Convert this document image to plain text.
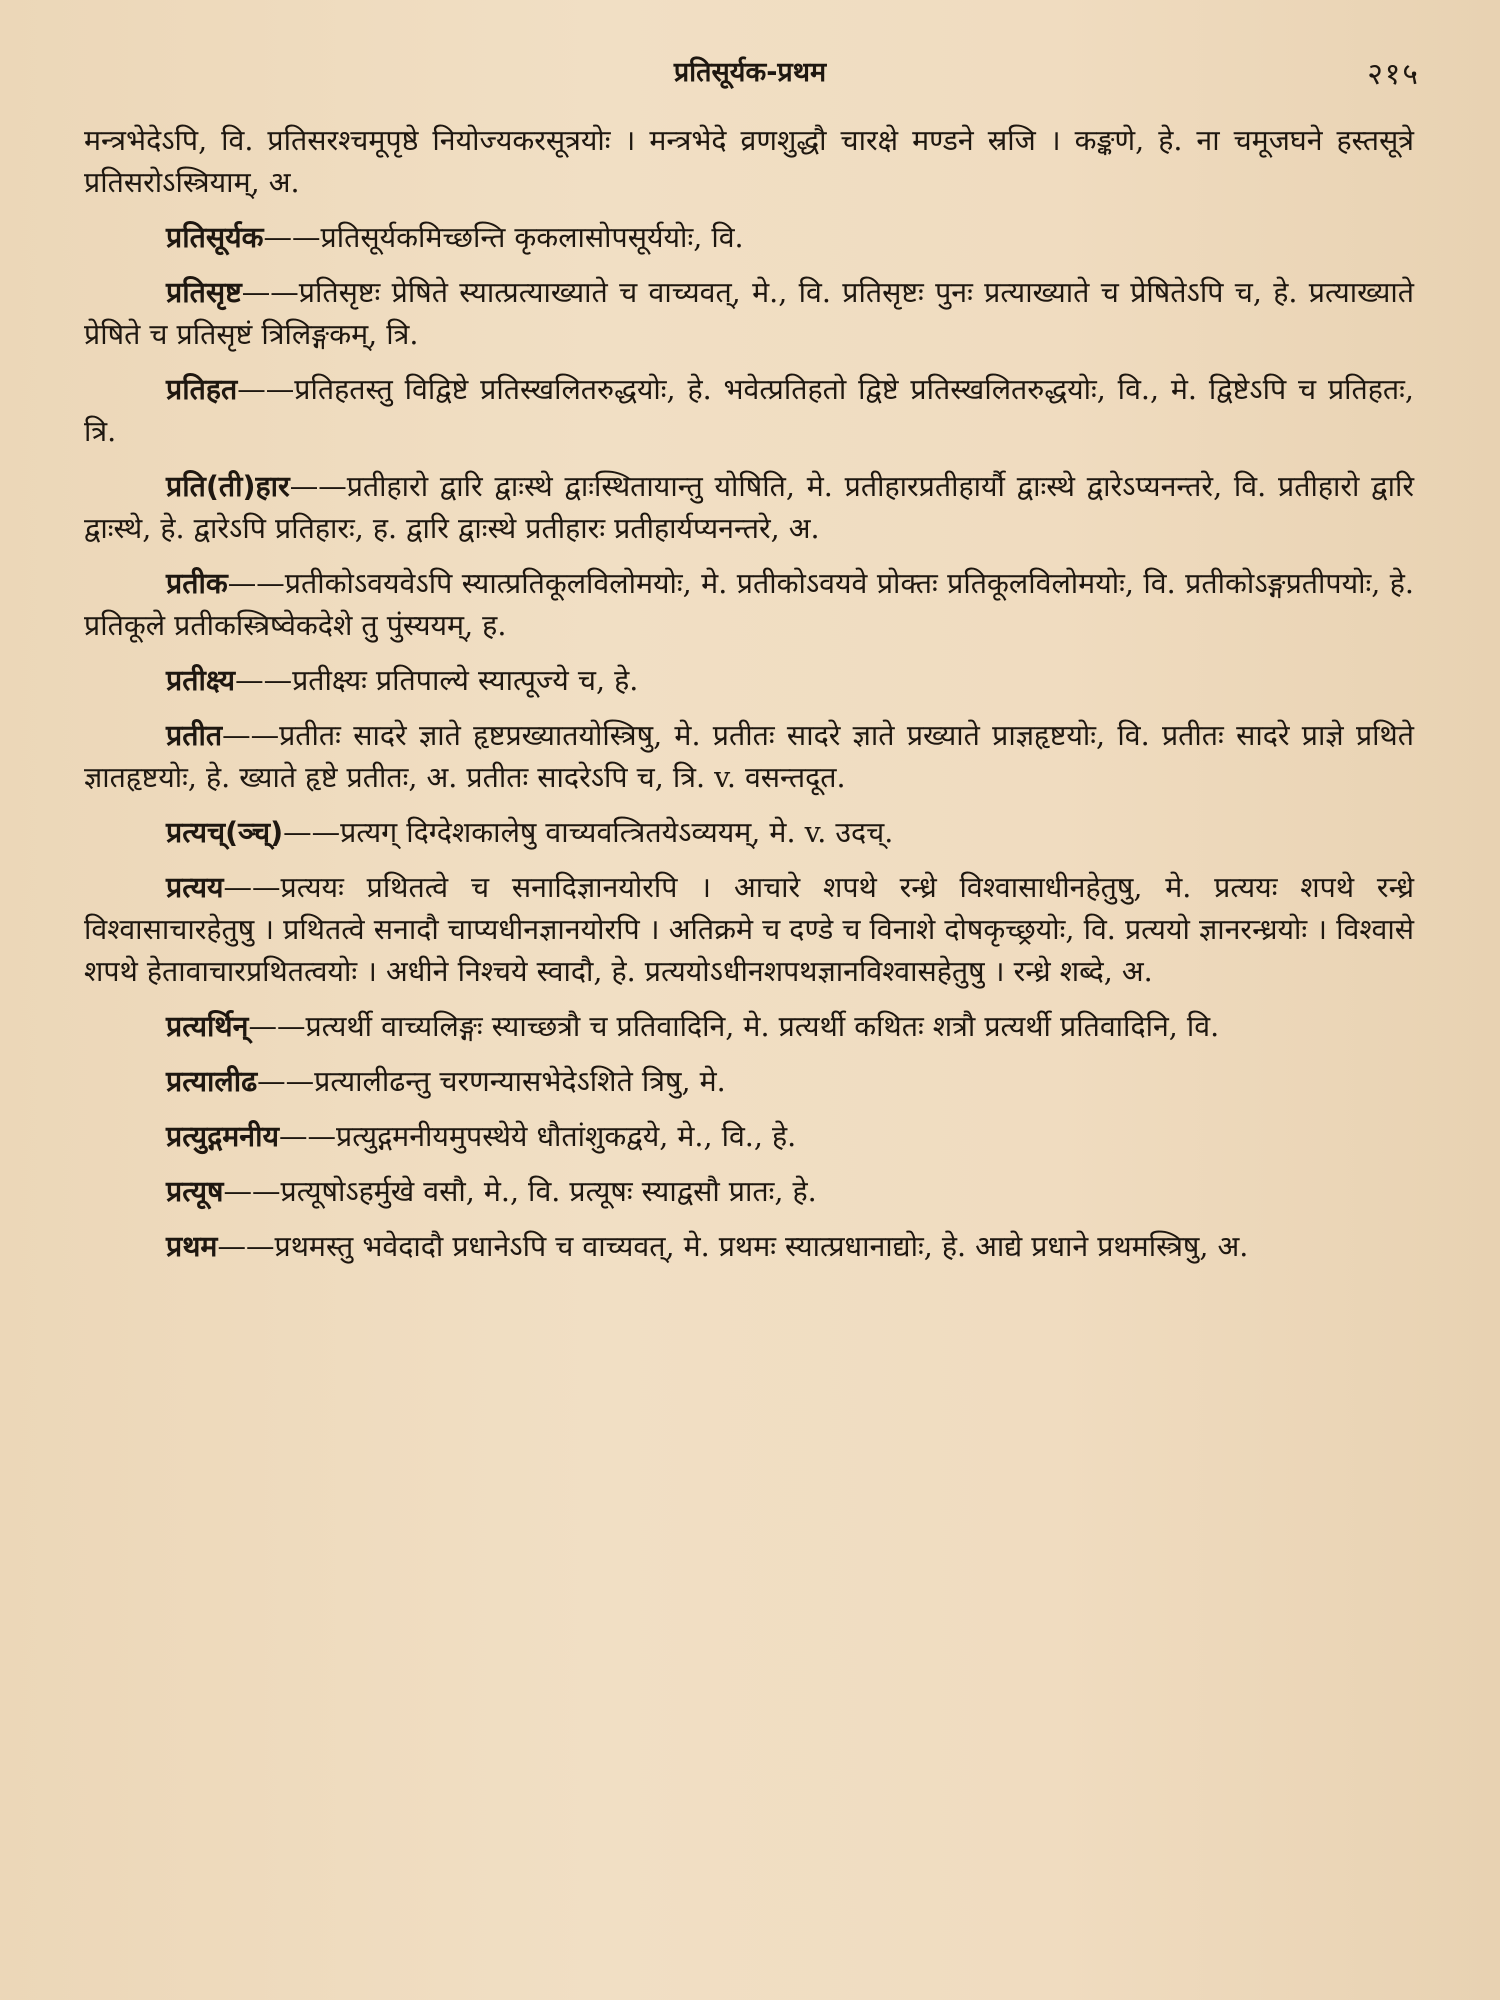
प्रतिसूर्यक-प्रथम	२१५

मन्त्रभेदेऽपि, वि. प्रतिसरश्चमूपृष्ठे नियोज्यकरसूत्रयोः । मन्त्रभेदे व्रणशुद्धौ चारक्षे मण्डने स्रजि । कङ्कणे, हे. ना चमूजघने हस्तसूत्रे प्रतिसरोऽस्त्रियाम्, अ.

प्रतिसूर्यक——प्रतिसूर्यकमिच्छन्ति कृकलासोपसूर्ययोः, वि.

प्रतिसृष्ट——प्रतिसृष्टः प्रेषिते स्यात्प्रत्याख्याते च वाच्यवत्, मे., वि. प्रतिसृष्टः पुनः प्रत्याख्याते च प्रेषितेऽपि च, हे. प्रत्याख्याते प्रेषिते च प्रतिसृष्टं त्रिलिङ्गकम्, त्रि.

प्रतिहत——प्रतिहतस्तु विद्विष्टे प्रतिस्खलितरुद्धयोः, हे. भवेत्प्रतिहतो द्विष्टे प्रतिस्खलितरुद्धयोः, वि., मे. द्विष्टेऽपि च प्रतिहतः, त्रि.

प्रति(ती)हार——प्रतीहारो द्वारि द्वाःस्थे द्वाःस्थितायान्तु योषिति, मे. प्रतीहारप्रतीहार्यौ द्वाःस्थे द्वारेऽप्यनन्तरे, वि. प्रतीहारो द्वारि द्वाःस्थे, हे. द्वारेऽपि प्रतिहारः, ह. द्वारि द्वाःस्थे प्रतीहारः प्रतीहार्यप्यनन्तरे, अ.

प्रतीक——प्रतीकोऽवयवेऽपि स्यात्प्रतिकूलविलोमयोः, मे. प्रतीकोऽवयवे प्रोक्तः प्रतिकूलविलोमयोः, वि. प्रतीकोऽङ्गप्रतीपयोः, हे. प्रतिकूले प्रतीकस्त्रिष्वेकदेशे तु पुंस्ययम्, ह.

प्रतीक्ष्य——प्रतीक्ष्यः प्रतिपाल्ये स्यात्पूज्ये च, हे.

प्रतीत——प्रतीतः सादरे ज्ञाते हृष्टप्रख्यातयोस्त्रिषु, मे. प्रतीतः सादरे ज्ञाते प्रख्याते प्राज्ञहृष्टयोः, वि. प्रतीतः सादरे प्राज्ञे प्रथिते ज्ञातहृष्टयोः, हे. ख्याते हृष्टे प्रतीतः, अ. प्रतीतः सादरेऽपि च, त्रि. v. वसन्तदूत.

प्रत्यच्(ञ्च्)——प्रत्यग् दिग्देशकालेषु वाच्यवत्त्रितयेऽव्ययम्, मे. v. उदच्.

प्रत्यय——प्रत्ययः प्रथितत्वे च सनादिज्ञानयोरपि । आचारे शपथे रन्ध्रे विश्वासाधीनहेतुषु, मे. प्रत्ययः शपथे रन्ध्रे विश्वासाचारहेतुषु । प्रथितत्वे सनादौ चाप्यधीनज्ञानयोरपि । अतिक्रमे च दण्डे च विनाशे दोषकृच्छ्रयोः, वि. प्रत्ययो ज्ञानरन्ध्रयोः । विश्वासे शपथे हेतावाचारप्रथितत्वयोः । अधीने निश्चये स्वादौ, हे. प्रत्ययोऽधीनशपथज्ञानविश्वासहेतुषु । रन्ध्रे शब्दे, अ.

प्रत्यर्थिन्——प्रत्यर्थी वाच्यलिङ्गः स्याच्छत्रौ च प्रतिवादिनि, मे. प्रत्यर्थी कथितः शत्रौ प्रत्यर्थी प्रतिवादिनि, वि.

प्रत्यालीढ——प्रत्यालीढन्तु चरणन्यासभेदेऽशिते त्रिषु, मे.

प्रत्युद्गमनीय——प्रत्युद्गमनीयमुपस्थेये धौतांशुकद्वये, मे., वि., हे.

प्रत्यूष——प्रत्यूषोऽहर्मुखे वसौ, मे., वि. प्रत्यूषः स्याद्वसौ प्रातः, हे.

प्रथम——प्रथमस्तु भवेदादौ प्रधानेऽपि च वाच्यवत्, मे. प्रथमः स्यात्प्रधानाद्योः, हे. आद्ये प्रधाने प्रथमस्त्रिषु, अ.
